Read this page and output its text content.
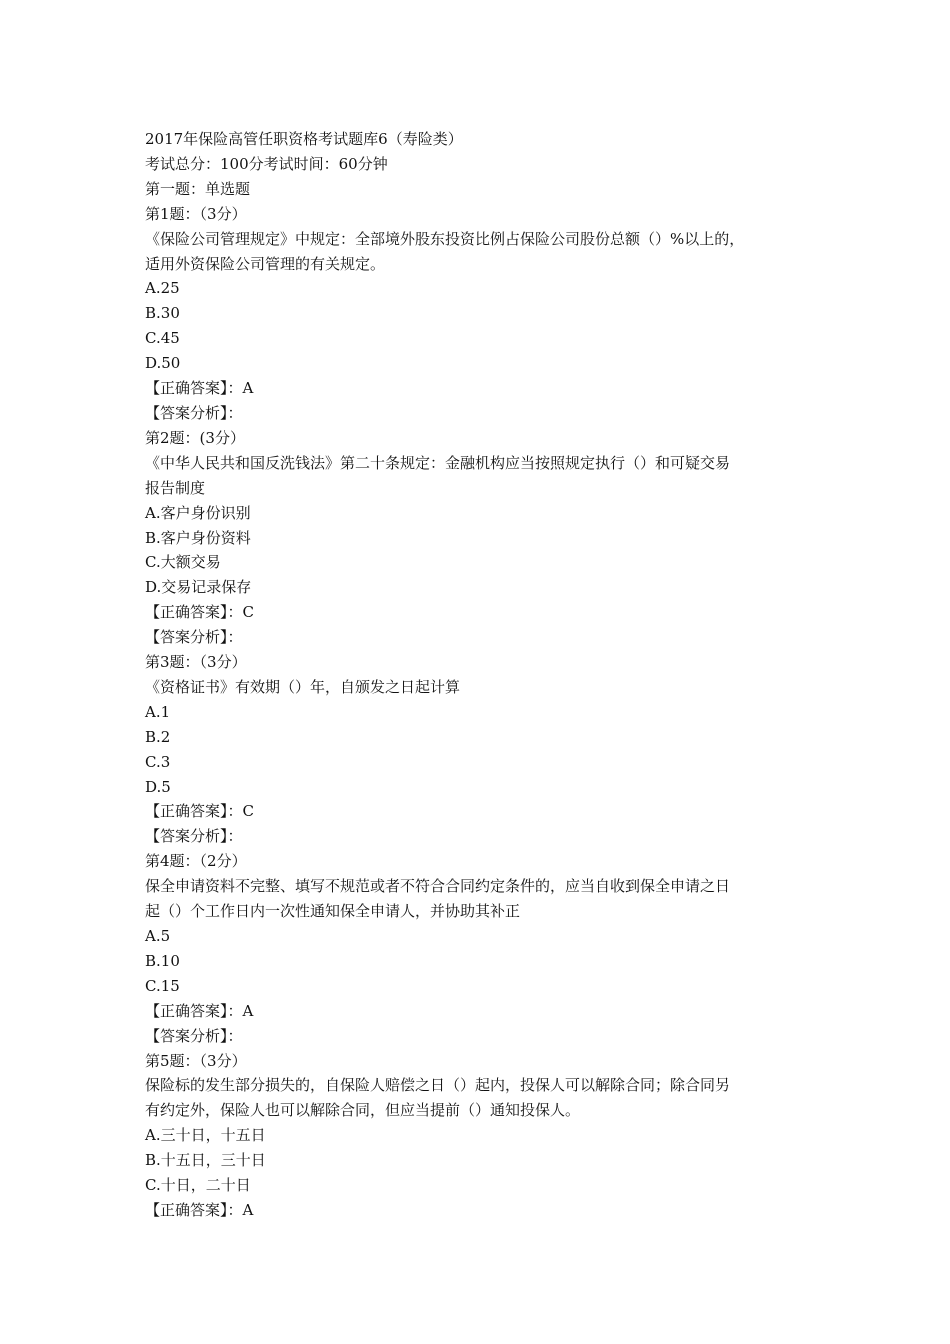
2017年保险高管任职资格考试题库6（寿险类）
考试总分：100分考试时间：60分钟
第一题：单选题
第1题：（3分）
《保险公司管理规定》中规定：全部境外股东投资比例占保险公司股份总额（）%以上的，
适用外资保险公司管理的有关规定。
A.25
B.30
C.45
D.50
【正确答案】：A
【答案分析】：
第2题：(3分）
《中华人民共和国反洗钱法》第二十条规定：金融机构应当按照规定执行（）和可疑交易
报告制度
A.客户身份识别
B.客户身份资料
C.大额交易
D.交易记录保存
【正确答案】：C
【答案分析】：
第3题：（3分）
《资格证书》有效期（）年，自颁发之日起计算
A.1
B.2
C.3
D.5
【正确答案】：C
【答案分析】：
第4题：（2分）
保全申请资料不完整、填写不规范或者不符合合同约定条件的，应当自收到保全申请之日
起（）个工作日内一次性通知保全申请人，并协助其补正
A.5
B.10
C.15
【正确答案】：A
【答案分析】：
第5题：（3分）
保险标的发生部分损失的，自保险人赔偿之日（）起内，投保人可以解除合同；除合同另
有约定外，保险人也可以解除合同，但应当提前（）通知投保人。
A.三十日，十五日
B.十五日，三十日
C.十日，二十日
【正确答案】：A
